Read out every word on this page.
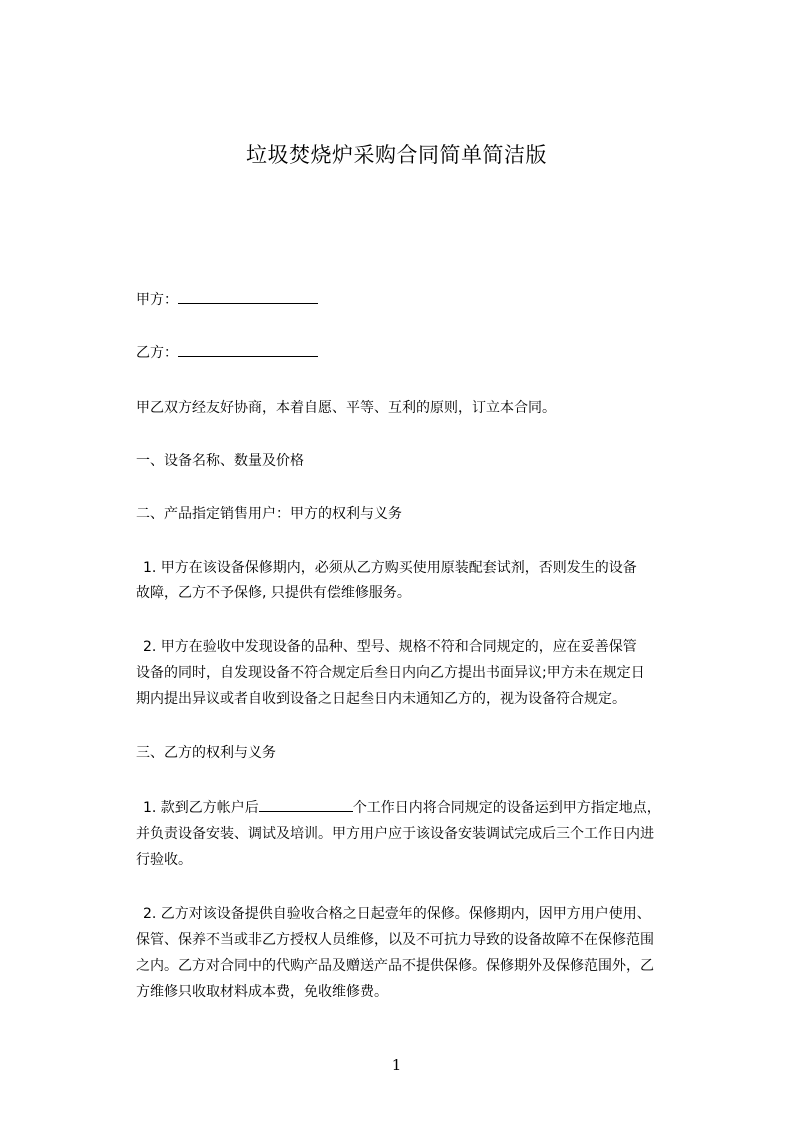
垃圾焚烧炉采购合同简单简洁版
甲方：
乙方：
甲乙双方经友好协商，本着自愿、平等、互利的原则，订立本合同。
一、设备名称、数量及价格
二、产品指定销售用户：甲方的权利与义务
1. 甲方在该设备保修期内，必须从乙方购买使用原装配套试剂，否则发生的设备
故障，乙方不予保修, 只提供有偿维修服务。
2. 甲方在验收中发现设备的品种、型号、规格不符和合同规定的，应在妥善保管
设备的同时，自发现设备不符合规定后叁日内向乙方提出书面异议;甲方未在规定日
期内提出异议或者自收到设备之日起叁日内未通知乙方的，视为设备符合规定。
三、乙方的权利与义务
1. 款到乙方帐户后	个工作日内将合同规定的设备运到甲方指定地点，
并负责设备安装、调试及培训。甲方用户应于该设备安装调试完成后三个工作日内进
行验收。
2. 乙方对该设备提供自验收合格之日起壹年的保修。保修期内，因甲方用户使用、
保管、保养不当或非乙方授权人员维修，以及不可抗力导致的设备故障不在保修范围
之内。乙方对合同中的代购产品及赠送产品不提供保修。保修期外及保修范围外，乙
方维修只收取材料成本费，免收维修费。
1
